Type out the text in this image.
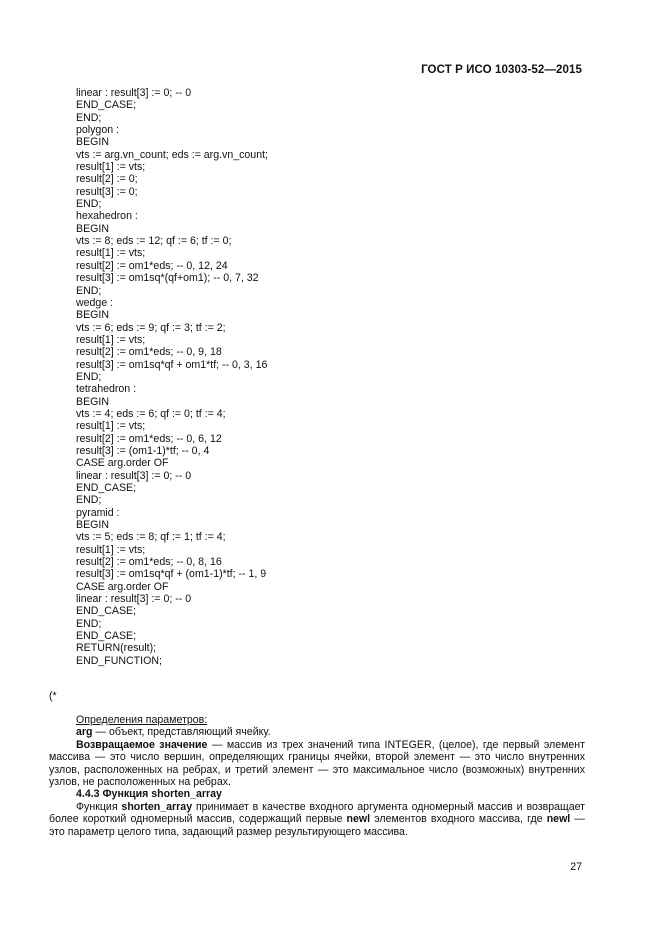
ГОСТ Р ИСО 10303-52—2015
linear : result[3] := 0; -- 0
END_CASE;
END;
polygon :
BEGIN
vts := arg.vn_count; eds := arg.vn_count;
result[1] := vts;
result[2] := 0;
result[3] := 0;
END;
hexahedron :
BEGIN
vts := 8; eds := 12; qf := 6; tf := 0;
result[1] := vts;
result[2] := om1*eds; -- 0, 12, 24
result[3] := om1sq*(qf+om1); -- 0, 7, 32
END;
wedge :
BEGIN
vts := 6; eds := 9; qf := 3; tf := 2;
result[1] := vts;
result[2] := om1*eds; -- 0, 9, 18
result[3] := om1sq*qf + om1*tf; -- 0, 3, 16
END;
tetrahedron :
BEGIN
vts := 4; eds := 6; qf := 0; tf := 4;
result[1] := vts;
result[2] := om1*eds; -- 0, 6, 12
result[3] := (om1-1)*tf; -- 0, 4
CASE arg.order OF
linear : result[3] := 0; -- 0
END_CASE;
END;
pyramid :
BEGIN
vts := 5; eds := 8; qf := 1; tf := 4;
result[1] := vts;
result[2] := om1*eds; -- 0, 8, 16
result[3] := om1sq*qf + (om1-1)*tf; -- 1, 9
CASE arg.order OF
linear : result[3] := 0; -- 0
END_CASE;
END;
END_CASE;
RETURN(result);
END_FUNCTION;
(*

Определения параметров:

arg — объект, представляющий ячейку.

Возвращаемое значение — массив из трех значений типа INTEGER, (целое), где первый элемент массива — это число вершин, определяющих границы ячейки, второй элемент — это число внутренних узлов, расположенных на ребрах, и третий элемент — это максимальное число (возможных) внутренних узлов, не расположенных на ребрах.

4.4.3 Функция shorten_array

Функция shorten_array принимает в качестве входного аргумента одномерный массив и возвращает более короткий одномерный массив, содержащий первые newl элементов входного массива, где newl — это параметр целого типа, задающий размер результирующего массива.

27
